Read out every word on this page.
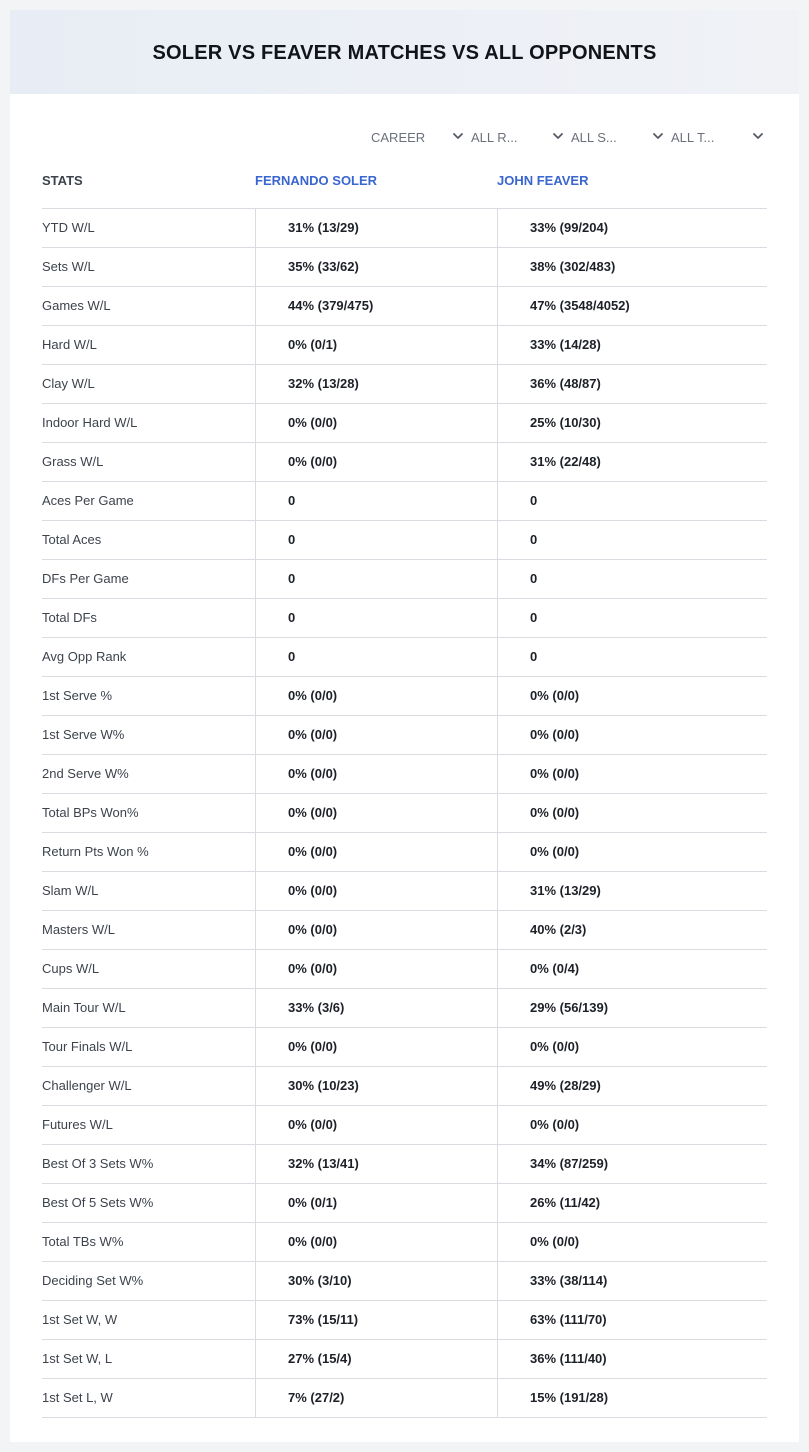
SOLER VS FEAVER MATCHES VS ALL OPPONENTS
CAREER	ALL R...	ALL S...	ALL T...
STATS	FERNANDO SOLER	JOHN FEAVER
YTD W/L	31% (13/29)	33% (99/204)
Sets W/L	35% (33/62)	38% (302/483)
Games W/L	44% (379/475)	47% (3548/4052)
Hard W/L	0% (0/1)	33% (14/28)
Clay W/L	32% (13/28)	36% (48/87)
Indoor Hard W/L	0% (0/0)	25% (10/30)
Grass W/L	0% (0/0)	31% (22/48)
Aces Per Game	0	0
Total Aces	0	0
DFs Per Game	0	0
Total DFs	0	0
Avg Opp Rank	0	0
1st Serve %	0% (0/0)	0% (0/0)
1st Serve W%	0% (0/0)	0% (0/0)
2nd Serve W%	0% (0/0)	0% (0/0)
Total BPs Won%	0% (0/0)	0% (0/0)
Return Pts Won %	0% (0/0)	0% (0/0)
Slam W/L	0% (0/0)	31% (13/29)
Masters W/L	0% (0/0)	40% (2/3)
Cups W/L	0% (0/0)	0% (0/4)
Main Tour W/L	33% (3/6)	29% (56/139)
Tour Finals W/L	0% (0/0)	0% (0/0)
Challenger W/L	30% (10/23)	49% (28/29)
Futures W/L	0% (0/0)	0% (0/0)
Best Of 3 Sets W%	32% (13/41)	34% (87/259)
Best Of 5 Sets W%	0% (0/1)	26% (11/42)
Total TBs W%	0% (0/0)	0% (0/0)
Deciding Set W%	30% (3/10)	33% (38/114)
1st Set W, W	73% (15/11)	63% (111/70)
1st Set W, L	27% (15/4)	36% (111/40)
1st Set L, W	7% (27/2)	15% (191/28)
